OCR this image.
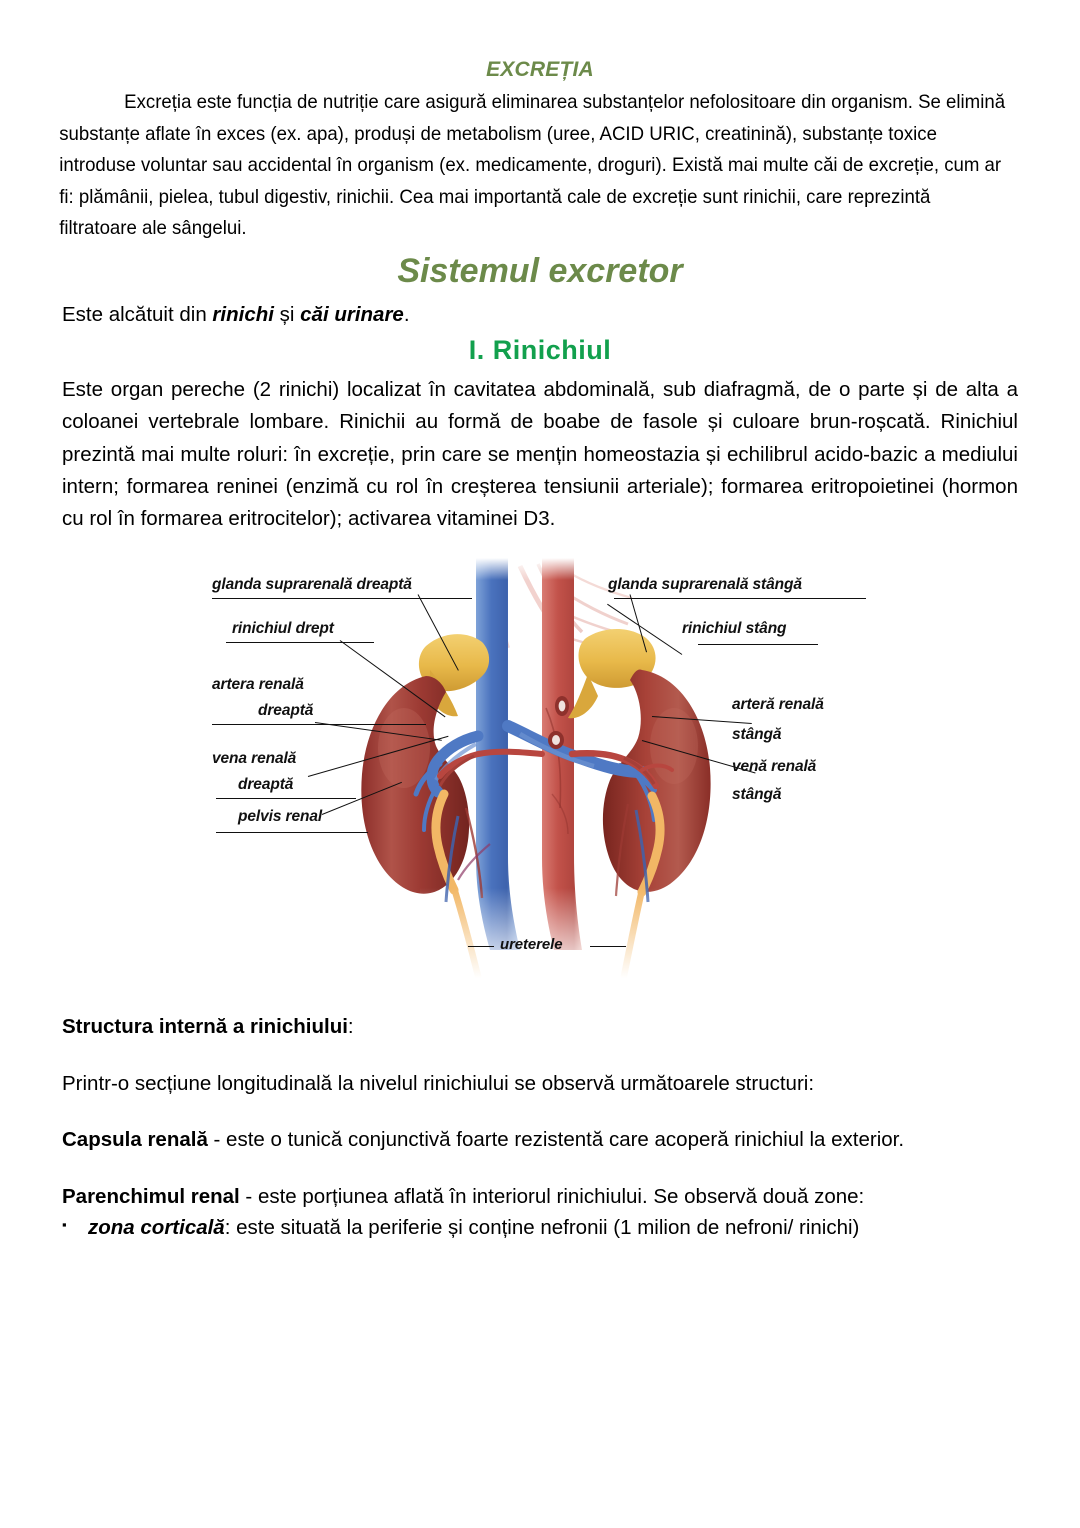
EXCREȚIA

Excreția este funcția de nutriție care asigură eliminarea substanțelor nefolositoare din organism. Se elimină substanțe aflate în exces (ex. apa), produși de metabolism (uree, ACID URIC, creatinină), substanțe toxice introduse voluntar sau accidental în organism (ex. medicamente, droguri). Există mai multe căi de excreție, cum ar fi: plămânii, pielea, tubul digestiv, rinichii. Cea mai importantă cale de excreție sunt rinichii, care reprezintă filtratoare ale sângelui.

Sistemul excretor

Este alcătuit din rinichi și căi urinare.

I. Rinichiul

Este organ pereche (2 rinichi) localizat în cavitatea abdominală, sub diafragmă, de o parte și de alta a coloanei vertebrale lombare. Rinichii au formă de boabe de fasole și culoare brun-roșcată. Rinichiul prezintă mai multe roluri: în excreție, prin care se mențin homeostazia și echilibrul acido-bazic a mediului intern; formarea reninei (enzimă cu rol în creșterea tensiunii arteriale); formarea eritropoietinei (hormon cu rol în formarea eritrocitelor); activarea vitaminei D3.

glanda suprarenală dreaptă
rinichiul drept
artera renală
dreaptă
vena renală
dreaptă
pelvis renal
glanda suprarenală stângă
rinichiul stâng
arteră renală
stângă
venă renală
stângă
ureterele

Structura internă a rinichiului:

Printr-o secțiune longitudinală la nivelul rinichiului se observă următoarele structuri:

Capsula renală - este o tunică conjunctivă foarte rezistentă care acoperă rinichiul la exterior.

Parenchimul renal - este porțiunea aflată în interiorul rinichiului. Se observă două zone:

▪	zona corticală: este situată la periferie și conține nefronii (1 milion de nefroni/ rinichi)
